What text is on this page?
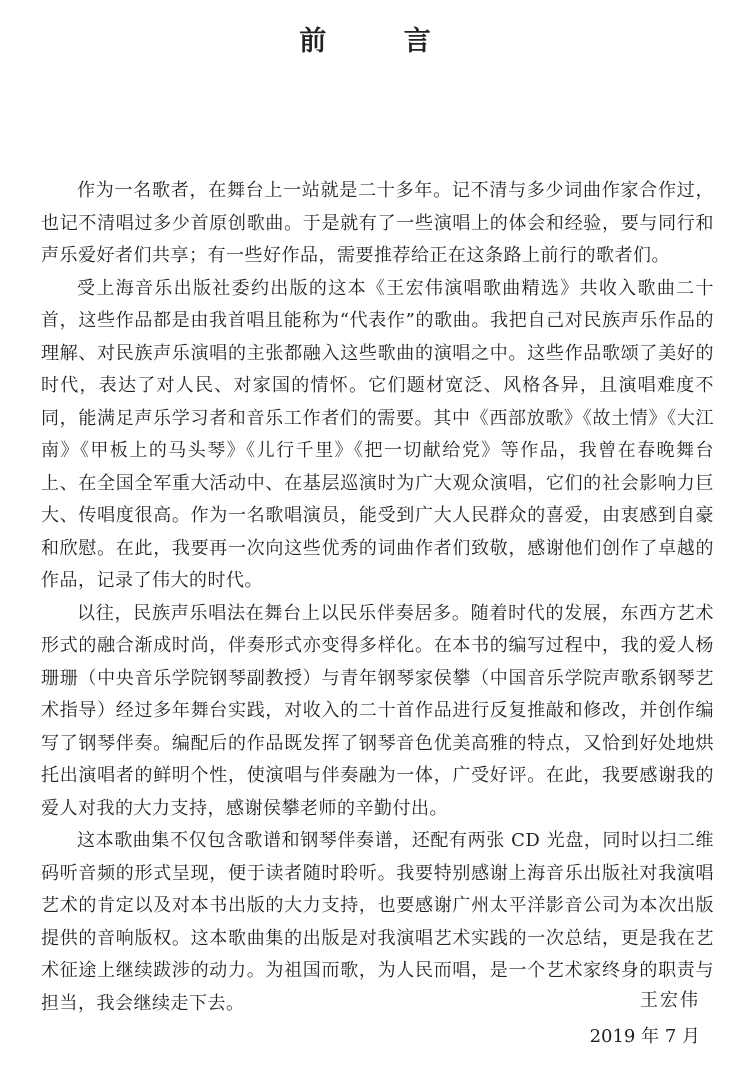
前 言

作为一名歌者，在舞台上一站就是二十多年。记不清与多少词曲作家合作过，也记不清唱过多少首原创歌曲。于是就有了一些演唱上的体会和经验，要与同行和声乐爱好者们共享；有一些好作品，需要推荐给正在这条路上前行的歌者们。

受上海音乐出版社委约出版的这本《王宏伟演唱歌曲精选》共收入歌曲二十首，这些作品都是由我首唱且能称为“代表作”的歌曲。我把自己对民族声乐作品的理解、对民族声乐演唱的主张都融入这些歌曲的演唱之中。这些作品歌颂了美好的时代，表达了对人民、对家国的情怀。它们题材宽泛、风格各异，且演唱难度不同，能满足声乐学习者和音乐工作者们的需要。其中《西部放歌》《故土情》《大江南》《甲板上的马头琴》《儿行千里》《把一切献给党》等作品，我曾在春晚舞台上、在全国全军重大活动中、在基层巡演时为广大观众演唱，它们的社会影响力巨大、传唱度很高。作为一名歌唱演员，能受到广大人民群众的喜爱，由衷感到自豪和欣慰。在此，我要再一次向这些优秀的词曲作者们致敬，感谢他们创作了卓越的作品，记录了伟大的时代。

以往，民族声乐唱法在舞台上以民乐伴奏居多。随着时代的发展，东西方艺术形式的融合渐成时尚，伴奏形式亦变得多样化。在本书的编写过程中，我的爱人杨珊珊（中央音乐学院钢琴副教授）与青年钢琴家侯攀（中国音乐学院声歌系钢琴艺术指导）经过多年舞台实践，对收入的二十首作品进行反复推敲和修改，并创作编写了钢琴伴奏。编配后的作品既发挥了钢琴音色优美高雅的特点，又恰到好处地烘托出演唱者的鲜明个性，使演唱与伴奏融为一体，广受好评。在此，我要感谢我的爱人对我的大力支持，感谢侯攀老师的辛勤付出。

这本歌曲集不仅包含歌谱和钢琴伴奏谱，还配有两张 CD 光盘，同时以扫二维码听音频的形式呈现，便于读者随时聆听。我要特别感谢上海音乐出版社对我演唱艺术的肯定以及对本书出版的大力支持，也要感谢广州太平洋影音公司为本次出版提供的音响版权。这本歌曲集的出版是对我演唱艺术实践的一次总结，更是我在艺术征途上继续跋涉的动力。为祖国而歌，为人民而唱，是一个艺术家终身的职责与担当，我会继续走下去。	王宏伟
2019 年 7 月
